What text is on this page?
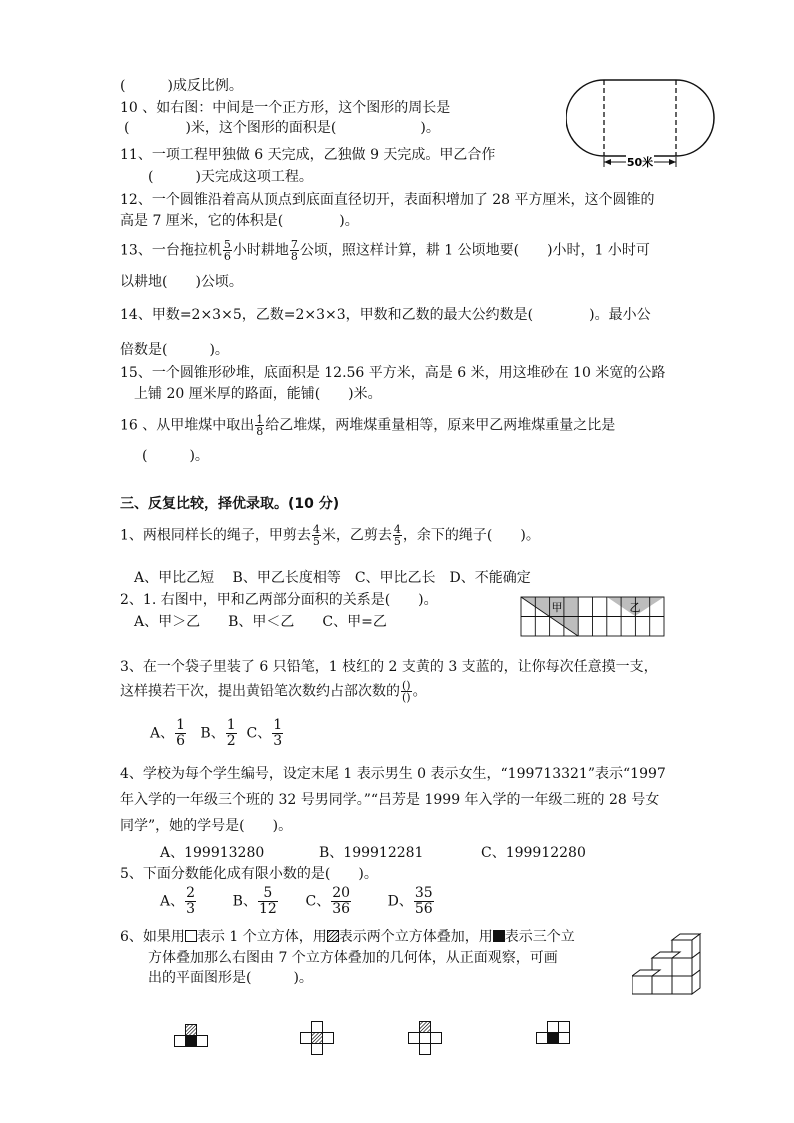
(　　　)成反比例。
10 、如右图：中间是一个正方形，这个图形的周长是
(　　　　)米，这个图形的面积是(　　　　　　)。
50米
11、一项工程甲独做 6 天完成，乙独做 9 天完成。甲乙合作
(　　　)天完成这项工程。
12、一个圆锥沿着高从顶点到底面直径切开，表面积增加了 28 平方厘米，这个圆锥的
高是 7 厘米，它的体积是(　　　　)。
13、一台拖拉机 $\frac{5}{6}$ 小时耕地 $\frac{7}{8}$ 公顷，照这样计算，耕 1 公顷地要(　　)小时，1 小时可
以耕地(　　)公顷。
14、甲数=2×3×5，乙数=2×3×3，甲数和乙数的最大公约数是(　　　　)。最小公
倍数是(　　　)。
15、一个圆锥形砂堆，底面积是 12.56 平方米，高是 6 米，用这堆砂在 10 米宽的公路
上铺 20 厘米厚的路面，能铺(　　)米。
16 、从甲堆煤中取出 $\frac{1}{8}$ 给乙堆煤，两堆煤重量相等，原来甲乙两堆煤重量之比是
(　　　)。
三、反复比较，择优录取。(10 分)
1、两根同样长的绳子，甲剪去 $\frac{4}{5}$ 米，乙剪去 $\frac{4}{5}$ ，余下的绳子(　　)。
A、甲比乙短　 B、甲乙长度相等　C、甲比乙长　D、不能确定
2、1. 右图中，甲和乙两部分面积的关系是(　　)。
A、甲＞乙　　B、甲＜乙　　C、甲=乙
甲	乙
3、在一个袋子里装了 6 只铅笔，1 枝红的 2 支黄的 3 支蓝的，让你每次任意摸一支，
这样摸若干次，提出黄铅笔次数约占部次数的 $\frac{()}{()}$ 。
A、 $\frac{1}{6}$ B、 $\frac{1}{2}$ C、 $\frac{1}{3}$
4、学校为每个学生编号，设定末尾 1 表示男生 0 表示女生，“199713321”表示“1997
年入学的一年级三个班的 32 号男同学。”“吕芳是 1999 年入学的一年级二班的 28 号女
同学”，她的学号是(　　)。
A、199913280	B、199912281	C、199912280
5、下面分数能化成有限小数的是(　　)。
A、 $\frac{2}{3}$	B、 $\frac{5}{12}$ C、 $\frac{20}{36}$	D、 $\frac{35}{56}$
6、如果用 表示 1 个立方体，用 表示两个立方体叠加，用 表示三个立
方体叠加那么右图由 7 个立方体叠加的几何体，从正面观察，可画
出的平面图形是(　　　)。
